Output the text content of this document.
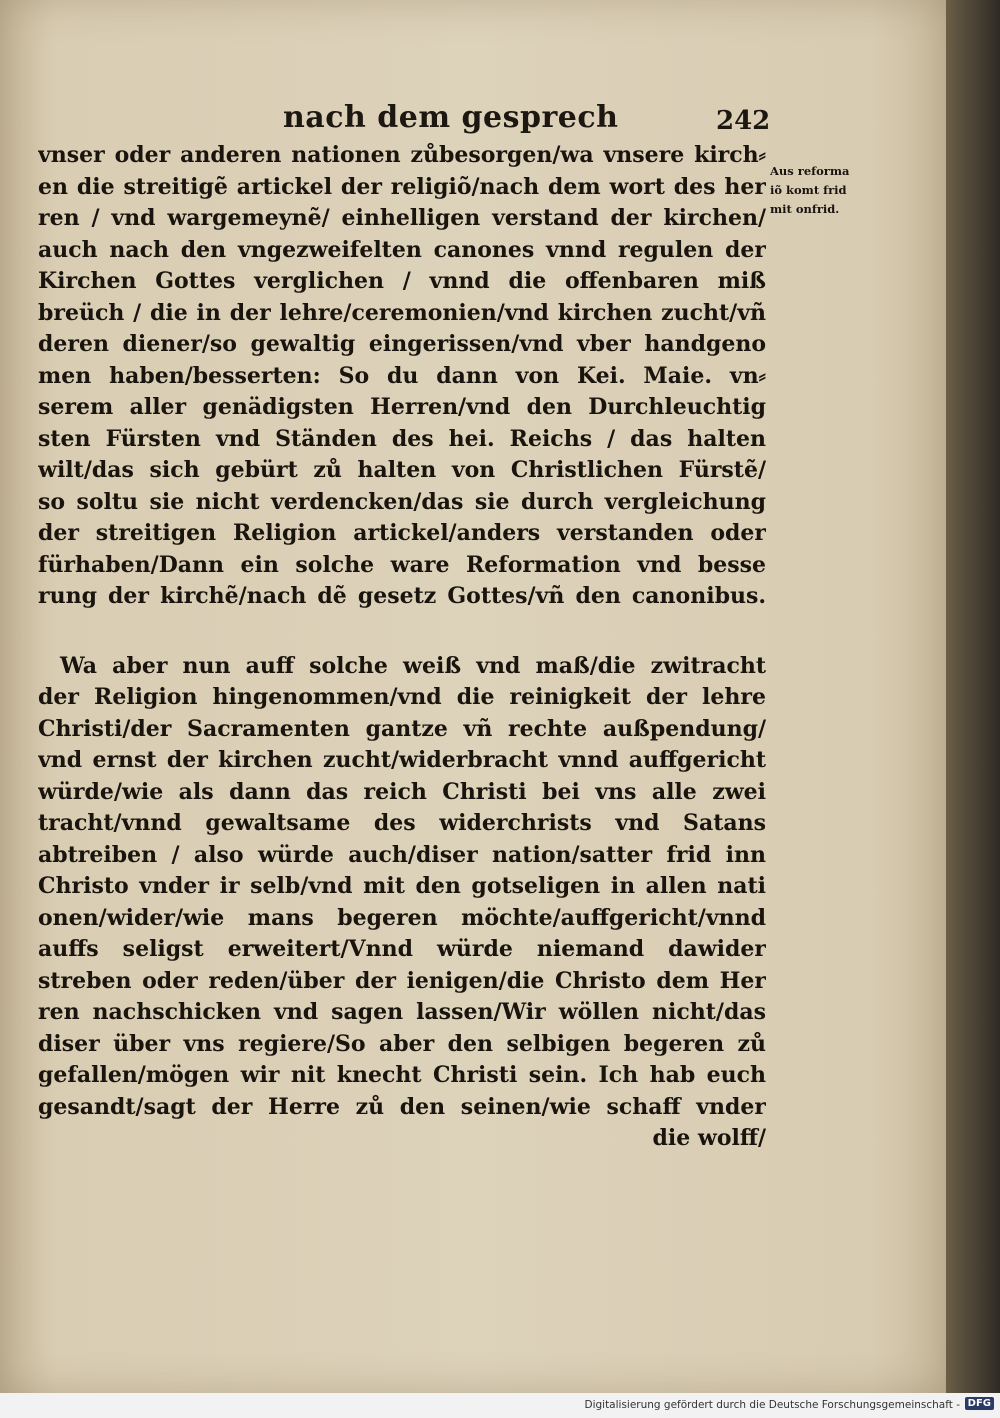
nach dem gesprech	242
Aus reforma
iõ komt frid
mit onfrid.
vnser oder anderen nationen zůbesorgen/wa vnsere kirch⸗
en die streitigẽ artickel der religiõ/nach dem wort des her
ren / vnd wargemeynẽ/ einhelligen verstand der kirchen/
auch nach den vngezweifelten canones vnnd regulen der
Kirchen Gottes verglichen / vnnd die offenbaren miß
breüch / die in der lehre/ceremonien/vnd kirchen zucht/vñ
deren diener/so gewaltig eingerissen/vnd vber handgeno
men haben/besserten: So du dann von Kei. Maie. vn⸗
serem aller genädigsten Herren/vnd den Durchleuchtig
sten Fürsten vnd Ständen des hei. Reichs / das halten
wilt/das sich gebürt zů halten von Christlichen Fürstẽ/
so soltu sie nicht verdencken/das sie durch vergleichung
der streitigen Religion artickel/anders verstanden oder
fürhaben/Dann ein solche ware Reformation vnd besse
rung der kirchẽ/nach dẽ gesetz Gottes/vñ den canonibus.
Wa aber nun auff solche weiß vnd maß/die zwitracht
der Religion hingenommen/vnd die reinigkeit der lehre
Christi/der Sacramenten gantze vñ rechte außpendung/
vnd ernst der kirchen zucht/widerbracht vnnd auffgericht
würde/wie als dann das reich Christi bei vns alle zwei
tracht/vnnd gewaltsame des widerchrists vnd Satans
abtreiben / also würde auch/diser nation/satter frid inn
Christo vnder ir selb/vnd mit den gotseligen in allen nati
onen/wider/wie mans begeren möchte/auffgericht/vnnd
auffs seligst erweitert/Vnnd würde niemand dawider
streben oder reden/über der ienigen/die Christo dem Her
ren nachschicken vnd sagen lassen/Wir wöllen nicht/das
diser über vns regiere/So aber den selbigen begeren zů
gefallen/mögen wir nit knecht Christi sein. Ich hab euch
gesandt/sagt der Herre zů den seinen/wie schaff vnder
die wolff/
Digitalisierung gefördert durch die Deutsche Forschungsgemeinschaft - DFG
